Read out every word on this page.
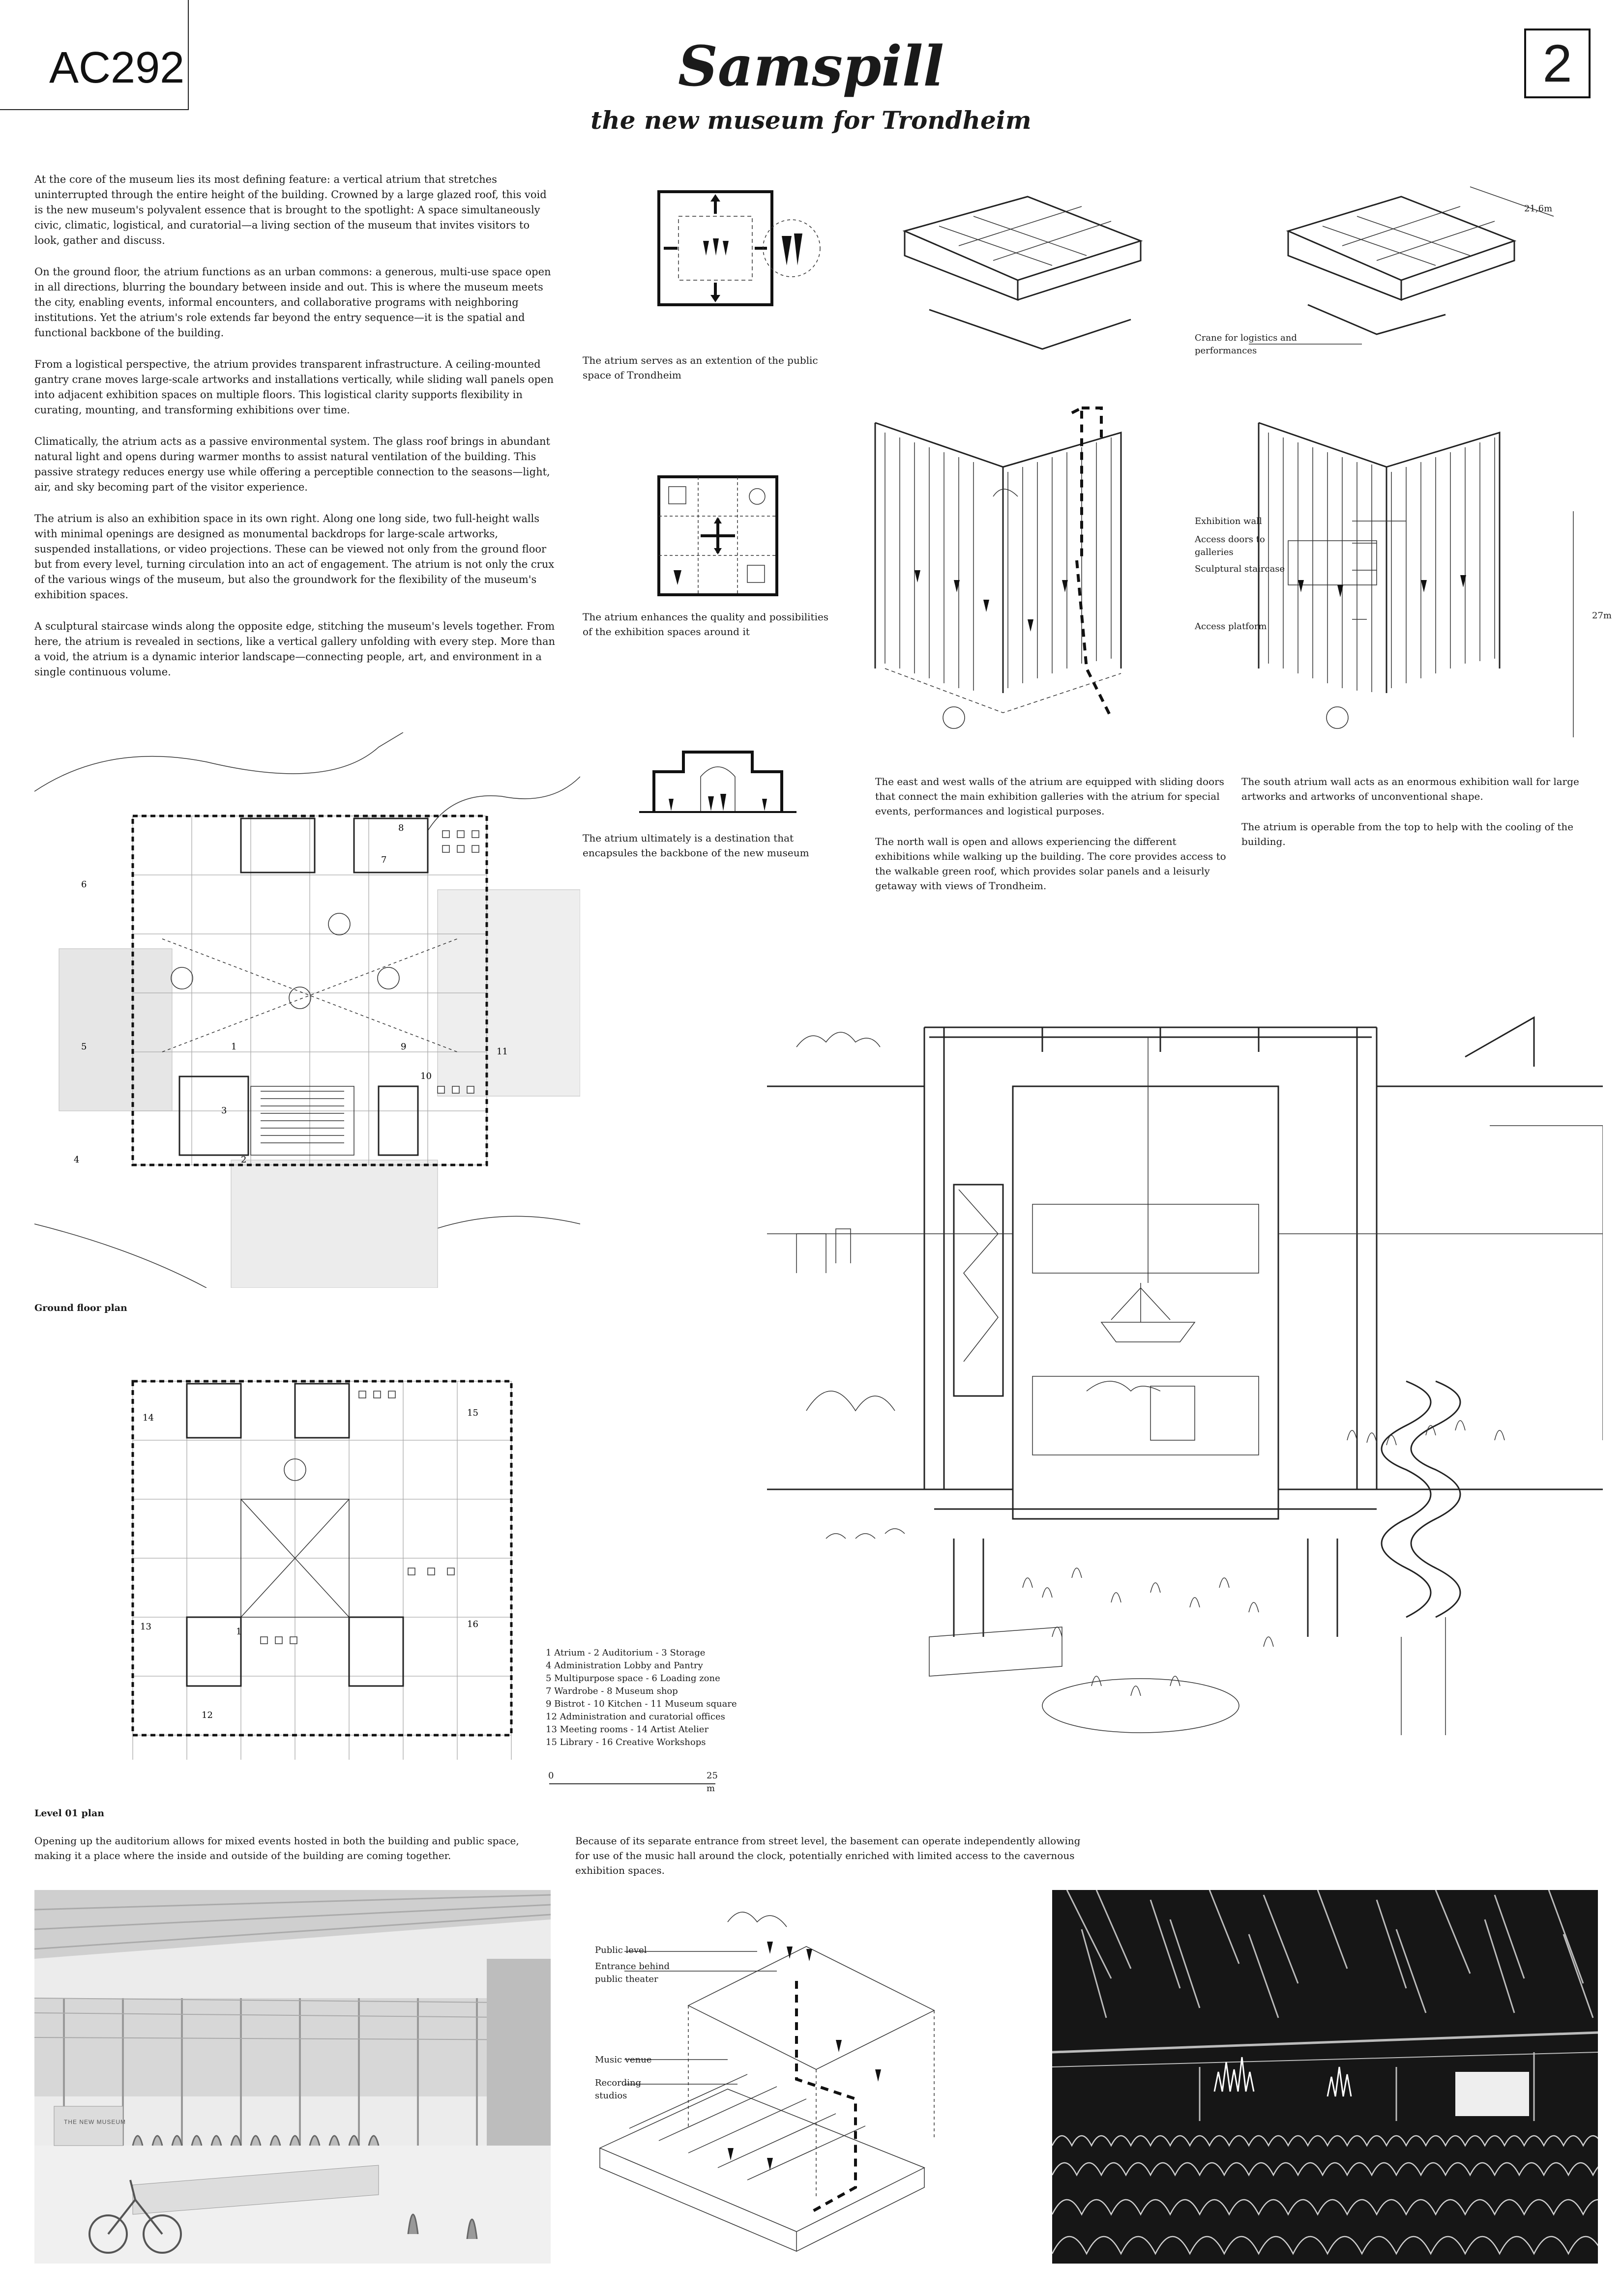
AC292	Samspill
the new museum for Trondheim
2

At the core of the museum lies its most defining feature: a vertical atrium that stretches uninterrupted through the entire height of the building. Crowned by a large glazed roof, this void is the new museum's polyvalent essence that is brought to the spotlight: A space simultaneously civic, climatic, logistical, and curatorial—a living section of the museum that invites visitors to look, gather and discuss.

On the ground floor, the atrium functions as an urban commons: a generous, multi-use space open in all directions, blurring the boundary between inside and out. This is where the museum meets the city, enabling events, informal encounters, and collaborative programs with neighboring institutions. Yet the atrium's role extends far beyond the entry sequence—it is the spatial and functional backbone of the building.

From a logistical perspective, the atrium provides transparent infrastructure. A ceiling-mounted gantry crane moves large-scale artworks and installations vertically, while sliding wall panels open into adjacent exhibition spaces on multiple floors. This logistical clarity supports flexibility in curating, mounting, and transforming exhibitions over time.

Climatically, the atrium acts as a passive environmental system. The glass roof brings in abundant natural light and opens during warmer months to assist natural ventilation of the building. This passive strategy reduces energy use while offering a perceptible connection to the seasons—light, air, and sky becoming part of the visitor experience.

The atrium is also an exhibition space in its own right. Along one long side, two full-height walls with minimal openings are designed as monumental backdrops for large-scale artworks, suspended installations, or video projections. These can be viewed not only from the ground floor but from every level, turning circulation into an act of engagement. The atrium is not only the crux of the various wings of the museum, but also the groundwork for the flexibility of the museum's exhibition spaces.

A sculptural staircase winds along the opposite edge, stitching the museum's levels together. From here, the atrium is revealed in sections, like a vertical gallery unfolding with every step. More than a void, the atrium is a dynamic interior landscape—connecting people, art, and environment in a single continuous volume.

The atrium serves as an extention of the public space of Trondheim

The atrium enhances the quality and possibilities of the exhibition spaces around it

The atrium ultimately is a destination that encapsules the backbone of the new museum

21,6m
27m
Crane for logistics and performances
Exhibition wall
Access doors to galleries
Sculptural staircase
Access platform

The east and west walls of the atrium are equipped with sliding doors that connect the main exhibition galleries with the atrium for special events, performances and logistical purposes.

The north wall is open and allows experiencing the different exhibitions while walking up the building. The core provides access to the walkable green roof, which provides solar panels and a leisurly getaway with views of Trondheim.

The south atrium wall acts as an enormous exhibition wall for large artworks and artworks of unconventional shape.

The atrium is operable from the top to help with the cooling of the building.

6
5	1
4	2
8
7
9
10
11
3
Ground floor plan
14
13	1
16
12
15
Level 01 plan
1 Atrium - 2 Auditorium - 3 Storage
4 Administration Lobby and Pantry
5 Multipurpose space - 6 Loading zone
7 Wardrobe - 8 Museum shop
9 Bistrot - 10 Kitchen - 11 Museum square
12 Administration and curatorial offices
13 Meeting rooms - 14 Artist Atelier
15 Library - 16 Creative Workshops
0	25 m

Opening up the auditorium allows for mixed events hosted in both the building and public space, making it a place where the inside and outside of the building are coming together.

Because of its separate entrance from street level, the basement can operate independently allowing for use of the music hall around the clock, potentially enriched with limited access to the cavernous exhibition spaces.

THE NEW MUSEUM
Public level
Entrance behind public theater
Music venue
Recording studios
